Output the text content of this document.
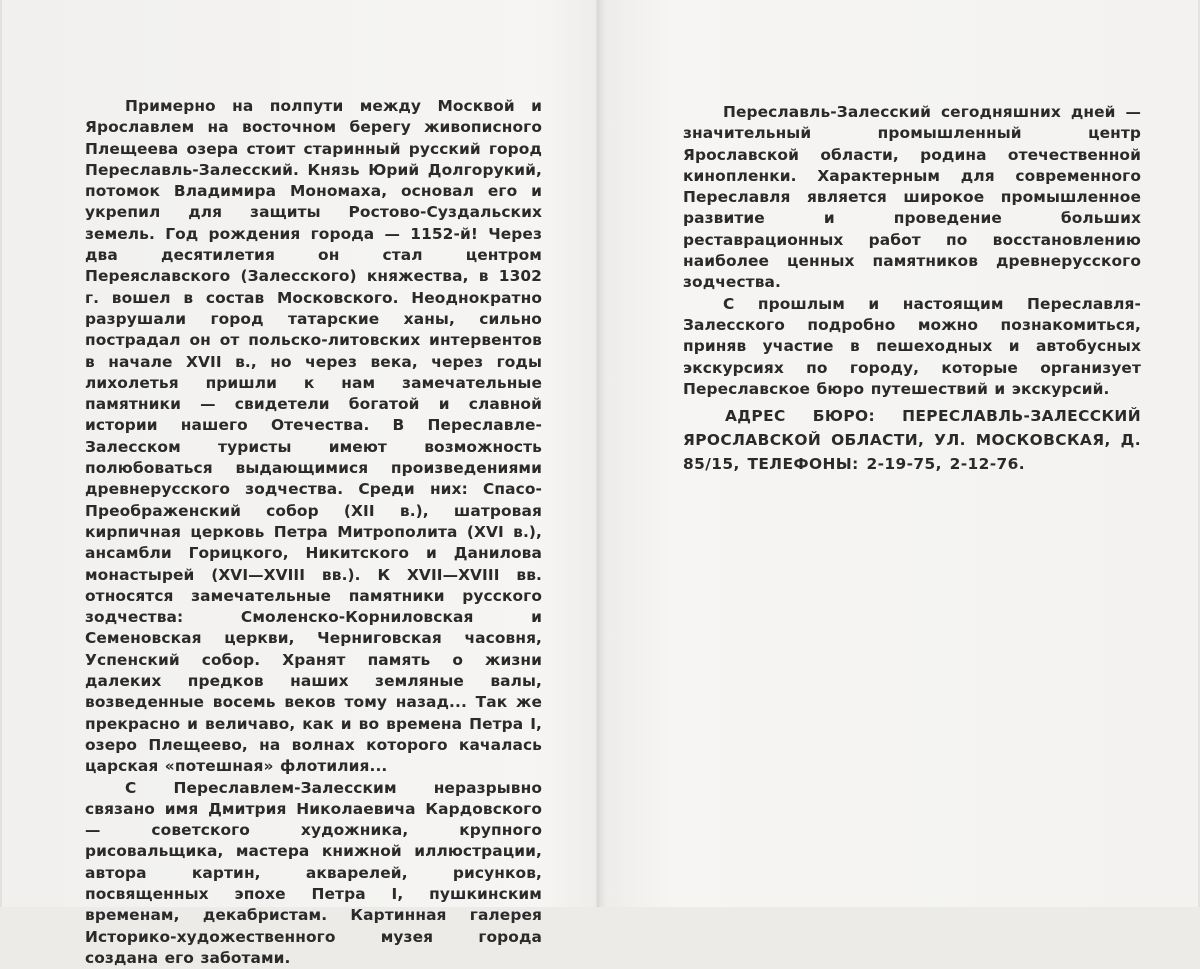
Примерно на полпути между Москвой и Ярославлем на восточном берегу живописного Плещеева озера стоит старинный русский город Переславль-Залесский. Князь Юрий Долгорукий, потомок Владимира Мономаха, основал его и укрепил для защиты Ростово-Суздальских земель. Год рождения города — 1152-й! Через два десятилетия он стал центром Переяславского (Залесского) княжества, в 1302 г. вошел в состав Московского. Неоднократно разрушали город татарские ханы, сильно пострадал он от польско-литовских интервентов в начале XVII в., но через века, через годы лихолетья пришли к нам замечательные памятники — свидетели богатой и славной истории нашего Отечества. В Переславле-Залесском туристы имеют возможность полюбоваться выдающимися произведениями древнерусского зодчества. Среди них: Спасо-Преображенский собор (XII в.), шатровая кирпичная церковь Петра Митрополита (XVI в.), ансамбли Горицкого, Никитского и Данилова монастырей (XVI—XVIII вв.). К XVII—XVIII вв. относятся замечательные памятники русского зодчества: Смоленско-Корниловская и Семеновская церкви, Черниговская часовня, Успенский собор. Хранят память о жизни далеких предков наших земляные валы, возведенные восемь веков тому назад... Так же прекрасно и величаво, как и во времена Петра I, озеро Плещеево, на волнах которого качалась царская «потешная» флотилия...

С Переславлем-Залесским неразрывно связано имя Дмитрия Николаевича Кардовского — советского художника, крупного рисовальщика, мастера книжной иллюстрации, автора картин, акварелей, рисунков, посвященных эпохе Петра I, пушкинским временам, декабристам. Картинная галерея Историко-художественного музея города создана его заботами.

Переславль-Залесский сегодняшних дней — значительный промышленный центр Ярославской области, родина отечественной кинопленки. Характерным для современного Переславля является широкое промышленное развитие и проведение больших реставрационных работ по восстановлению наиболее ценных памятников древнерусского зодчества.

С прошлым и настоящим Переславля-Залесского подробно можно познакомиться, приняв участие в пешеходных и автобусных экскурсиях по городу, которые организует Переславское бюро путешествий и экскурсий.

АДРЕС БЮРО: ПЕРЕСЛАВЛЬ-ЗАЛЕССКИЙ ЯРОСЛАВСКОЙ ОБЛАСТИ, УЛ. МОСКОВСКАЯ, Д. 85/15, ТЕЛЕФОНЫ: 2-19-75, 2-12-76.
